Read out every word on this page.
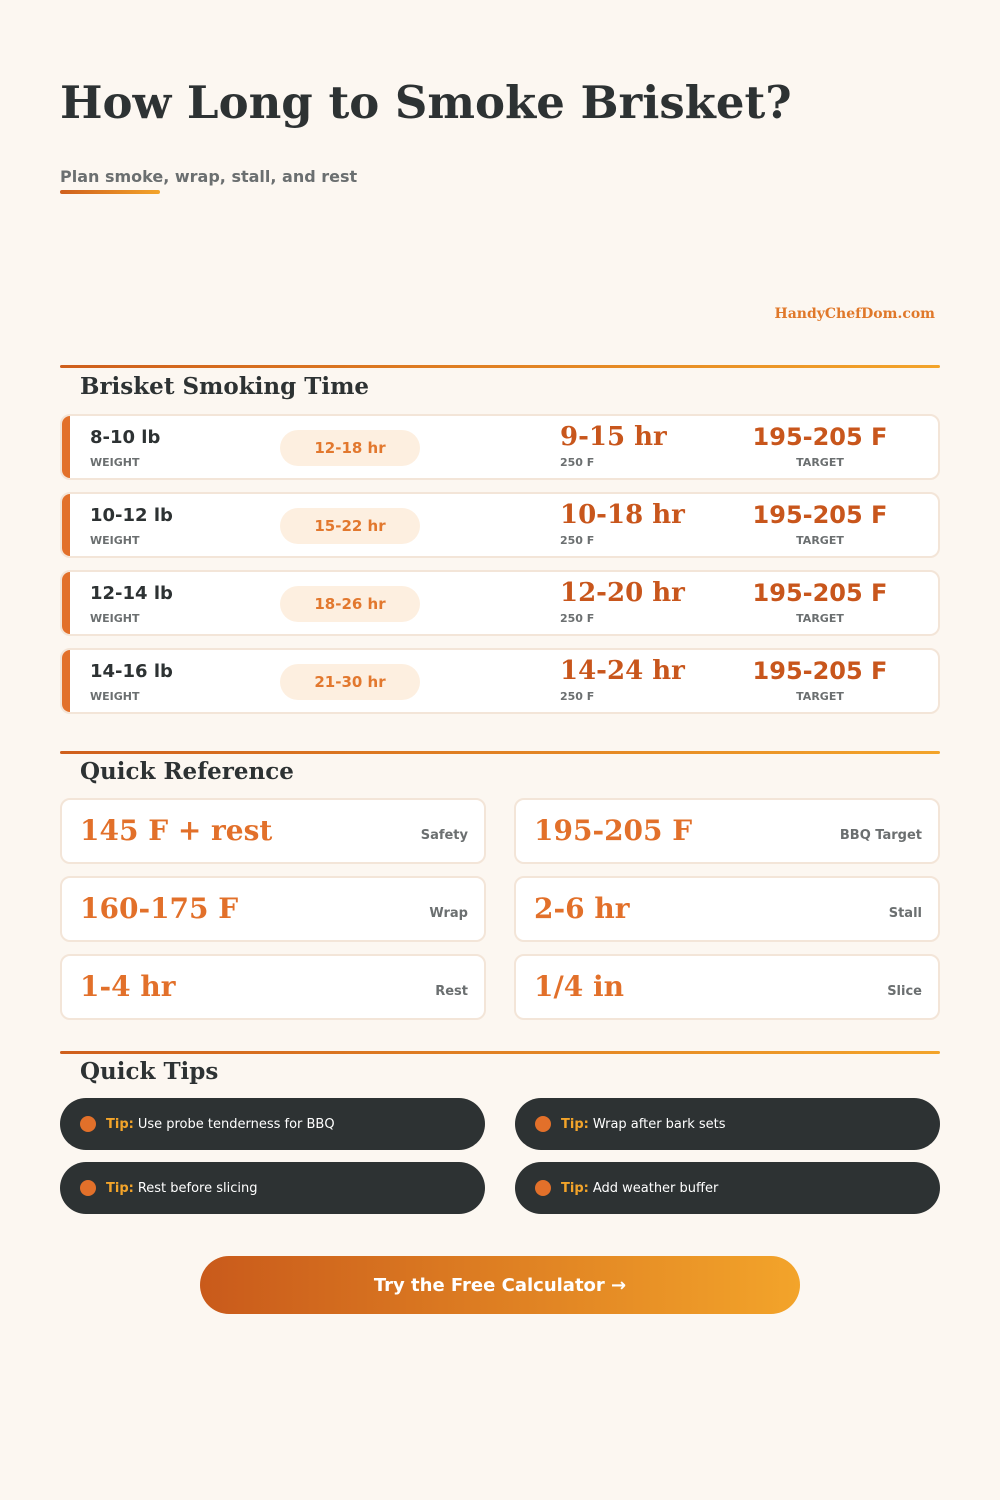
How Long to Smoke Brisket?
Plan smoke, wrap, stall, and rest
HandyChefDom.com
Brisket Smoking Time
8-10 lb
WEIGHT
12-18 hr	9-15 hr
250 F
195-205 F
TARGET
10-12 lb
WEIGHT
15-22 hr	10-18 hr
250 F
195-205 F
TARGET
12-14 lb
WEIGHT
18-26 hr	12-20 hr
250 F
195-205 F
TARGET
14-16 lb
WEIGHT
21-30 hr	14-24 hr
250 F
195-205 F
TARGET
Quick Reference
145 F + rest	Safety 195-205 F	BBQ Target
160-175 F	Wrap 2-6 hr	Stall
1-4 hr	Rest 1/4 in	Slice
Quick Tips
Tip: Use probe tenderness for BBQ	Tip: Wrap after bark sets
Tip: Rest before slicing	Tip: Add weather buffer
Try the Free Calculator →
